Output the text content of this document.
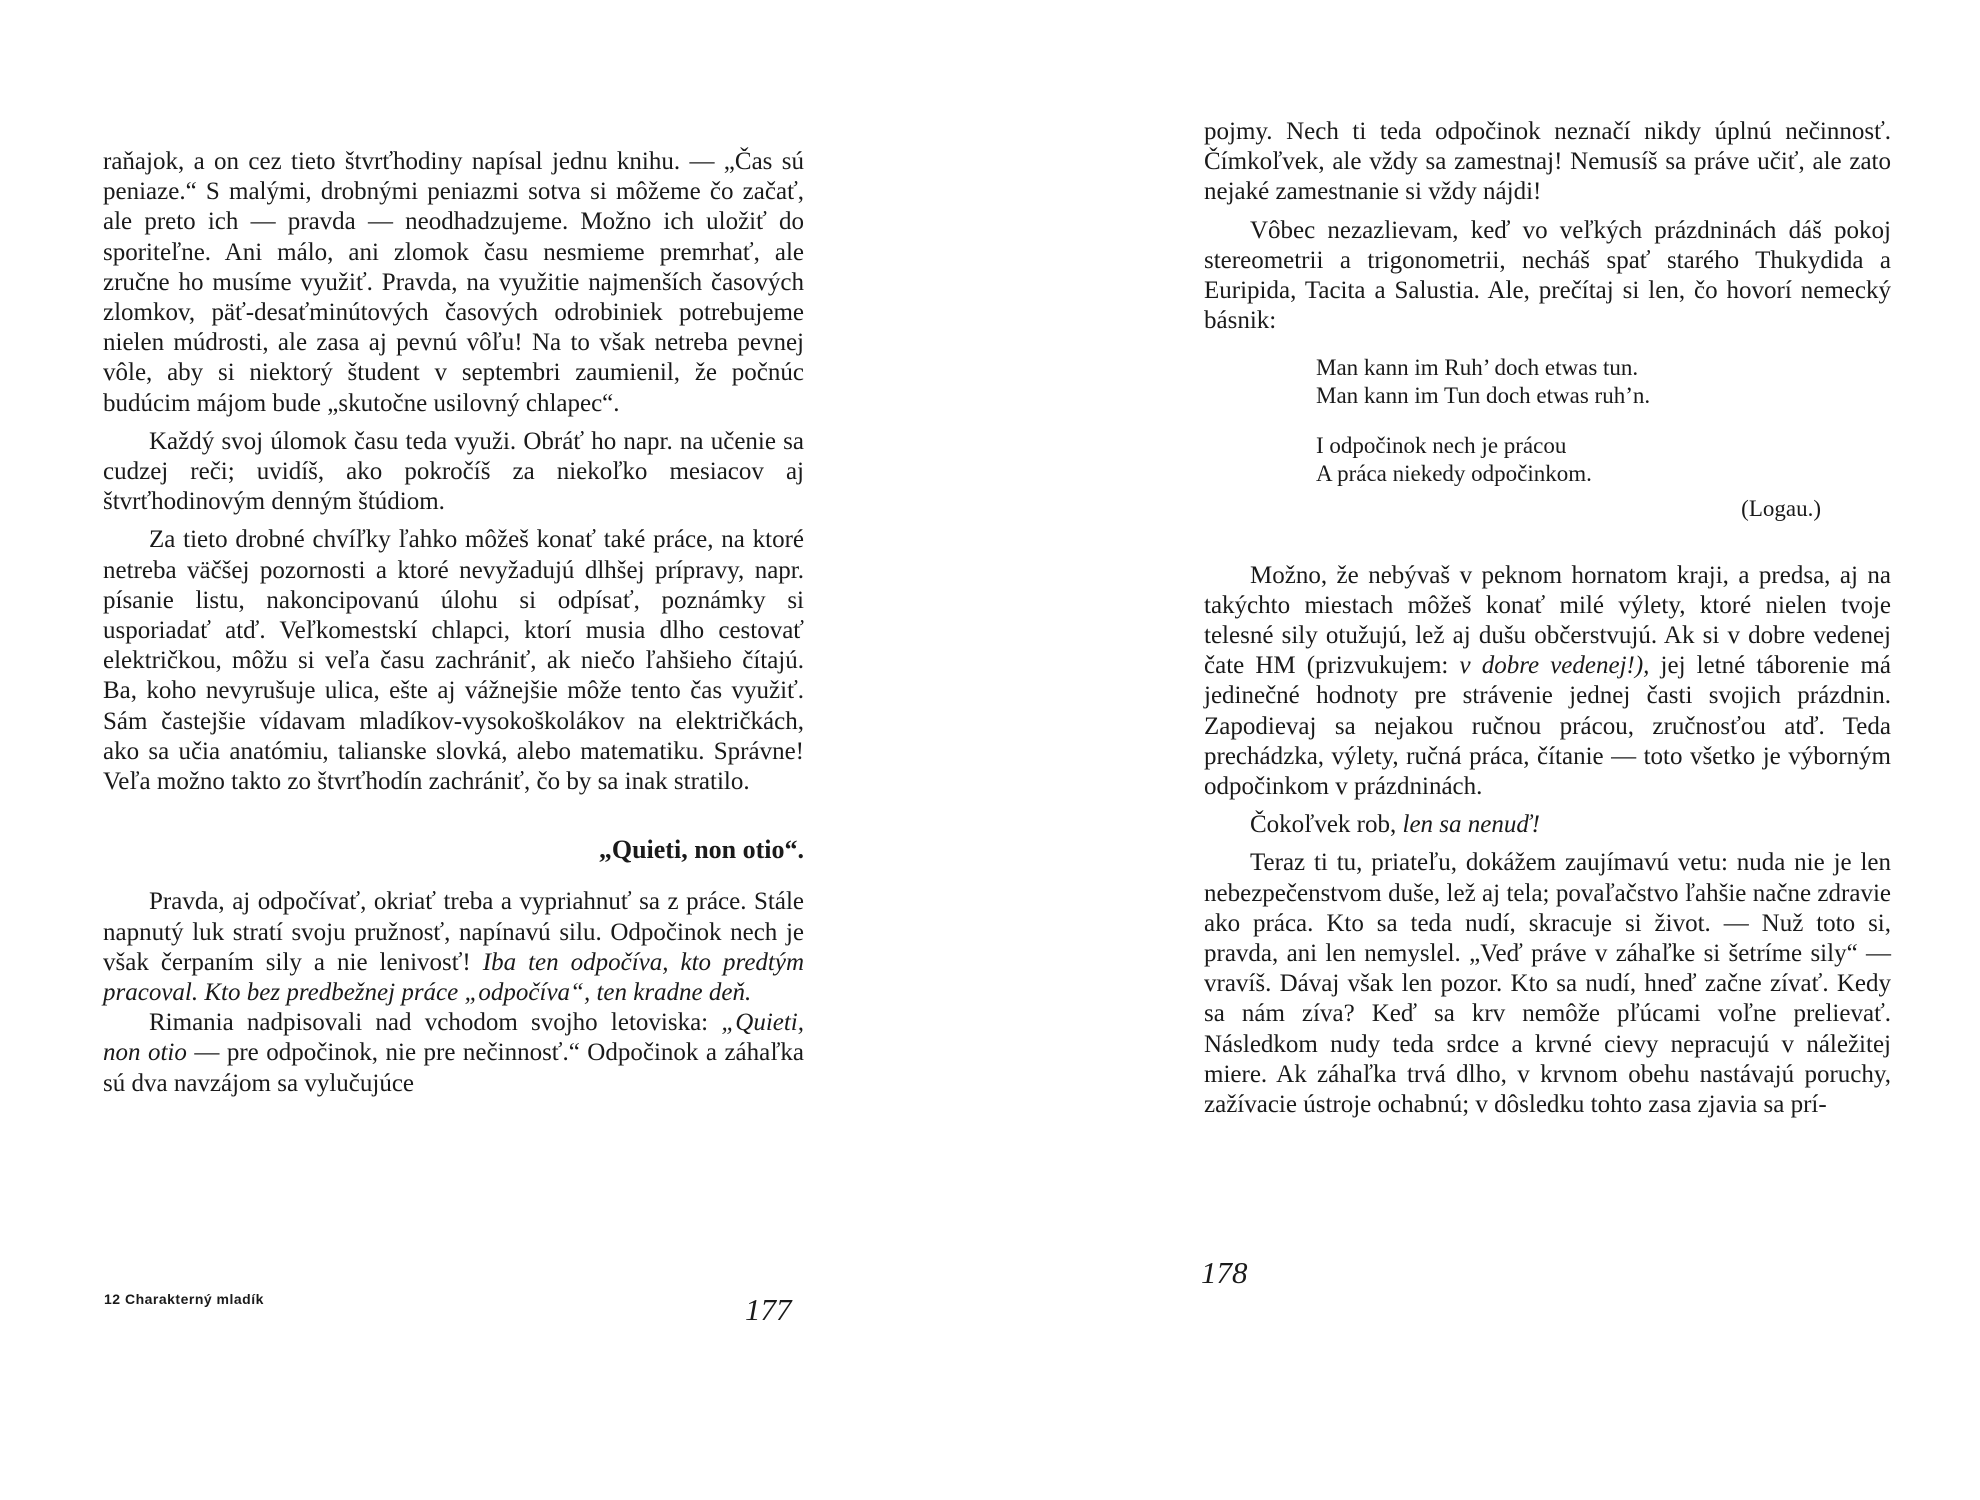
raňajok, a on cez tieto štvrťhodiny napísal jednu knihu. — „Čas sú peniaze.“ S malými, drobnými peniazmi sotva si môžeme čo začať, ale preto ich — pravda — neodhadzujeme. Možno ich uložiť do sporiteľne. Ani málo, ani zlomok času nesmieme premrhať, ale zručne ho musíme využiť. Pravda, na využitie najmenších časových zlomkov, päť-desaťminútových časových odrobiniek potrebujeme nielen múdrosti, ale zasa aj pevnú vôľu! Na to však netreba pevnej vôle, aby si niektorý študent v septembri zaumienil, že počnúc budúcim májom bude „skutočne usilovný chlapec“.

Každý svoj úlomok času teda využi. Obráť ho napr. na učenie sa cudzej reči; uvidíš, ako pokročíš za niekoľko mesiacov aj štvrťhodinovým denným štúdiom.

Za tieto drobné chvíľky ľahko môžeš konať také práce, na ktoré netreba väčšej pozornosti a ktoré nevyžadujú dlhšej prípravy, napr. písanie listu, nakoncipovanú úlohu si odpísať, poznámky si usporiadať atď. Veľkomestskí chlapci, ktorí musia dlho cestovať električkou, môžu si veľa času zachrániť, ak niečo ľahšieho čítajú. Ba, koho nevyrušuje ulica, ešte aj vážnejšie môže tento čas využiť. Sám častejšie vídavam mladíkov-vysokoškolákov na električkách, ako sa učia anatómiu, talianske slovká, alebo matematiku. Správne! Veľa možno takto zo štvrťhodín zachrániť, čo by sa inak stratilo.

„Quieti, non otio“.

Pravda, aj odpočívať, okriať treba a vypriahnuť sa z práce. Stále napnutý luk stratí svoju pružnosť, napínavú silu. Odpočinok nech je však čerpaním sily a nie lenivosť! Iba ten odpočíva, kto predtým pracoval. Kto bez predbežnej práce „odpočíva“, ten kradne deň.

Rimania nadpisovali nad vchodom svojho letoviska: „Quieti, non otio — pre odpočinok, nie pre nečinnosť.“ Odpočinok a záhaľka sú dva navzájom sa vylučujúce

12 Charakterný mladík	177

pojmy. Nech ti teda odpočinok neznačí nikdy úplnú nečinnosť. Čímkoľvek, ale vždy sa zamestnaj! Nemusíš sa práve učiť, ale zato nejaké zamestnanie si vždy nájdi!

Vôbec nezazlievam, keď vo veľkých prázdninách dáš pokoj stereometrii a trigonometrii, necháš spať starého Thukydida a Euripida, Tacita a Salustia. Ale, prečítaj si len, čo hovorí nemecký básnik:

Man kann im Ruh’ doch etwas tun.
Man kann im Tun doch etwas ruh’n.
I odpočinok nech je prácou
A práca niekedy odpočinkom.
(Logau.)

Možno, že nebývaš v peknom hornatom kraji, a predsa, aj na takýchto miestach môžeš konať milé výlety, ktoré nielen tvoje telesné sily otužujú, lež aj dušu občerstvujú. Ak si v dobre vedenej čate HM (prizvukujem: v dobre vedenej!), jej letné táborenie má jedinečné hodnoty pre strávenie jednej časti svojich prázdnin. Zapodievaj sa nejakou ručnou prácou, zručnosťou atď. Teda prechádzka, výlety, ručná práca, čítanie — toto všetko je výborným odpočinkom v prázdninách.

Čokoľvek rob, len sa nenuď!

Teraz ti tu, priateľu, dokážem zaujímavú vetu: nuda nie je len nebezpečenstvom duše, lež aj tela; povaľačstvo ľahšie načne zdravie ako práca. Kto sa teda nudí, skracuje si život. — Nuž toto si, pravda, ani len nemyslel. „Veď práve v záhaľke si šetríme sily“ — vravíš. Dávaj však len pozor. Kto sa nudí, hneď začne zívať. Kedy sa nám zíva? Keď sa krv nemôže pľúcami voľne prelievať. Následkom nudy teda srdce a krvné cievy nepracujú v náležitej miere. Ak záhaľka trvá dlho, v krvnom obehu nastávajú poruchy, zažívacie ústroje ochabnú; v dôsledku tohto zasa zjavia sa prí-

178
